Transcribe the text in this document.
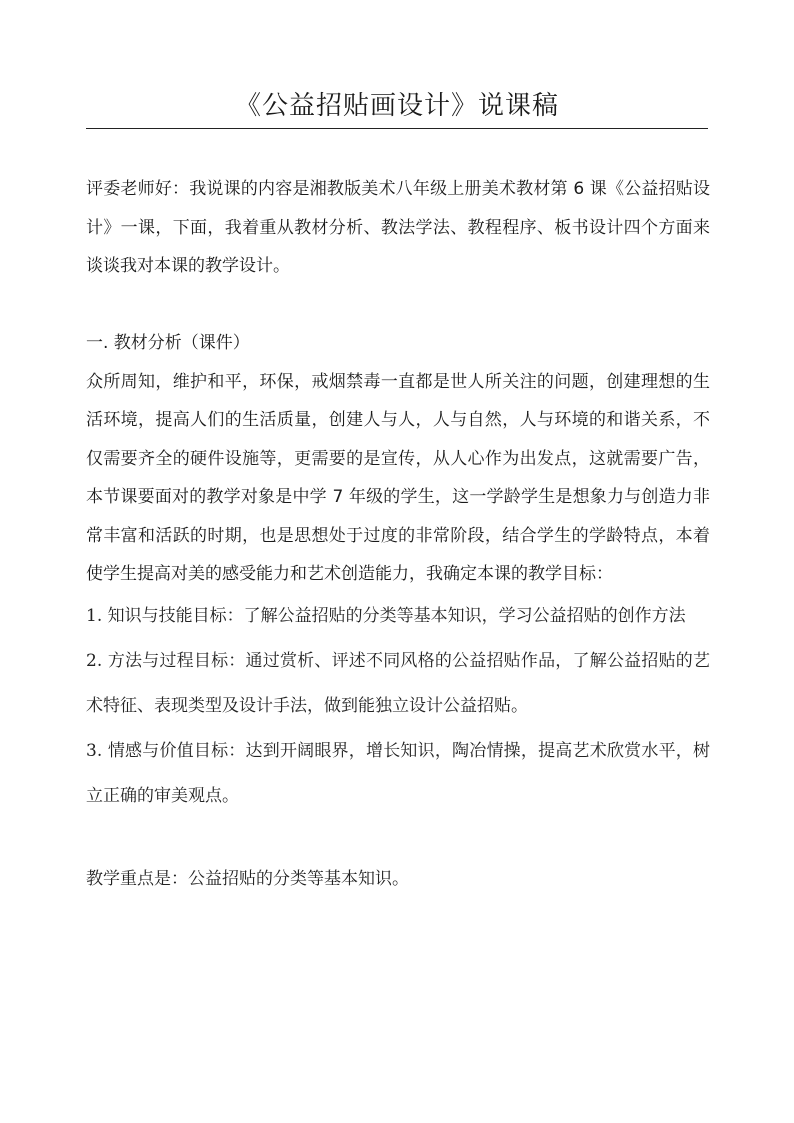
《公益招贴画设计》说课稿

评委老师好：我说课的内容是湘教版美术八年级上册美术教材第 6 课《公益招贴设计》一课，下面，我着重从教材分析、教法学法、教程程序、板书设计四个方面来谈谈我对本课的教学设计。

一. 教材分析（课件）

众所周知，维护和平，环保，戒烟禁毒一直都是世人所关注的问题，创建理想的生活环境，提高人们的生活质量，创建人与人，人与自然，人与环境的和谐关系，不仅需要齐全的硬件设施等，更需要的是宣传，从人心作为出发点，这就需要广告，本节课要面对的教学对象是中学 7 年级的学生，这一学龄学生是想象力与创造力非常丰富和活跃的时期，也是思想处于过度的非常阶段，结合学生的学龄特点，本着使学生提高对美的感受能力和艺术创造能力，我确定本课的教学目标：

1. 知识与技能目标：了解公益招贴的分类等基本知识，学习公益招贴的创作方法

2. 方法与过程目标：通过赏析、评述不同风格的公益招贴作品，了解公益招贴的艺术特征、表现类型及设计手法，做到能独立设计公益招贴。

3. 情感与价值目标：达到开阔眼界，增长知识，陶冶情操，提高艺术欣赏水平，树立正确的审美观点。

教学重点是：公益招贴的分类等基本知识。
